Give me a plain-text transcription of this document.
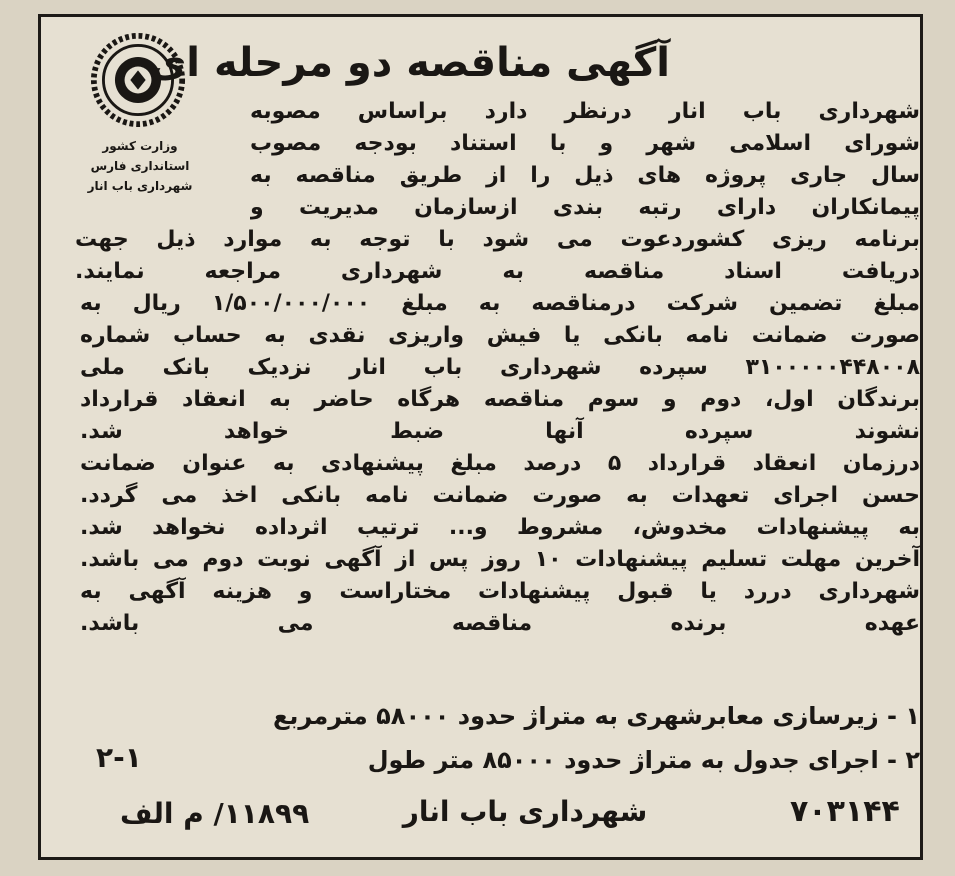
وزارت کشور
استانداری فارس
شهرداری باب انار
آگهی مناقصه دو مرحله ای
شهرداری باب انار درنظر دارد براساس مصوبه
شورای اسلامی شهر و با استناد بودجه مصوب
سال جاری پروژه های ذیل را از طریق مناقصه به
پیمانکاران دارای رتبه بندی ازسازمان مدیریت و
برنامه ریزی کشوردعوت می شود با توجه به موارد ذیل جهت
دریافت اسناد مناقصه به شهرداری مراجعه نمایند.
مبلغ تضمین شرکت درمناقصه به مبلغ ۱/۵۰۰/۰۰۰/۰۰۰ ریال به
صورت ضمانت نامه بانکی یا فیش واریزی نقدی به حساب شماره
۳۱۰۰۰۰۰۴۴۸۰۰۸ سپرده شهرداری باب انار نزدیک بانک ملی
برندگان اول، دوم و سوم مناقصه هرگاه حاضر به انعقاد قرارداد
نشوند سپرده آنها ضبط خواهد شد.
درزمان انعقاد قرارداد ۵ درصد مبلغ پیشنهادی به عنوان ضمانت
حسن اجرای تعهدات به صورت ضمانت نامه بانکی اخذ می گردد.
به پیشنهادات مخدوش، مشروط و... ترتیب اثرداده نخواهد شد.
آخرین مهلت تسلیم پیشنهادات ۱۰ روز پس از آگهی نوبت دوم می باشد.
شهرداری دررد یا قبول پیشنهادات مختاراست و هزینه آگهی به
عهده برنده مناقصه می باشد.
۱ - زیرسازی معابرشهری به متراژ حدود ۵۸۰۰۰ مترمربع
۲ - اجرای جدول به متراژ حدود ۸۵۰۰۰ متر طول
۲-۱
۷۰۳۱۴۴
شهرداری باب انار
۱۱۸۹۹/ م الف
